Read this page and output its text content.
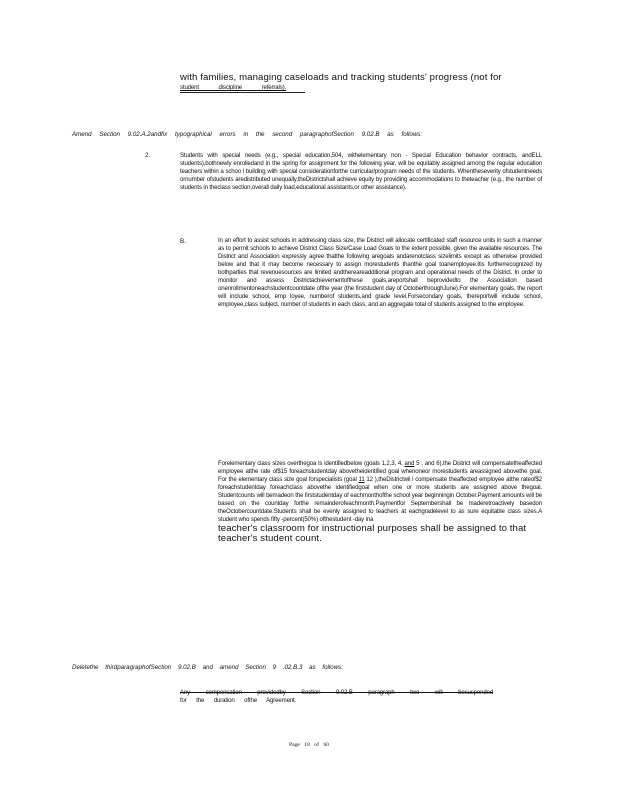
with families, managing caseloads and tracking students' progress (not for
student discipline referrals).
Amend Section 9.02.A.2andfix typographical errors in the second paragraphofSection 9.02.B as follows:
2.	Students with special needs (e.g., special education,504, withelementary non - Special Education behavior contracts, andELL students),bothnewly enrolledand in the spring for assignment for the following year, will be equitably assigned among the regular education teachers within a schoo l building with special considerationforthe curricular/program needs of the students. Whentheseverity ofstudentneeds ornumber ofstudents aredistributed unequally,theDistrictshall achieve equity by providing accommodations to theteacher (e.g., the number of students in theclass section,overall daily load,educational assistants,or other assistance).
B.	In an effort to assist schools in addressing class size, the District will allocate certificated staff resource units in such a manner as to permit schools to achieve District Class Size/Case Load Goals to the extent possible, given the available resources. The District and Association expressly agree thatthe following aregoals andarenotclass sizelimits except as otherwise provided below and that it may become necessary to assign morestudents thanthe goal toanemployee.Itis furtherrecognized by bothparties that revenuesources are limited andthereareadditional program and operational needs of the District. In order to monitor and assess Districtachievementofthese goals,areportshall beprovidedto the Association based onenrollmentoneachstudentcountdate ofthe year (the firststudent day of OctoberthroughJune).For elementary goals, the report will include school, emp loyee, numberof students,and grade level.Forsecondary goals, thereportwill include school, employee,class subject, number of students in each class, and an aggregate total of students assigned to the employee.
Forelementary class sizes overthegoa ls identifiedbelow (goals 1,2,3, 4, and 5 , and 6),the District will compensatetheaffected employee atthe rate of$15 foreachstudentday abovetheidentified goal whenoneor morestudents areassigned abovethe goal. For the elementary class size goal forspecialists (goal 11 12 ),theDistrictwil l compensate theaffected employee atthe rateof$2 foreachstudentday foreachclass abovethe identifiedgoal when one or more students are assigned above thegoal. Studentcounts will bemadeon the firststudentday of eachmonthofthe school year beginningin October.Payment amounts will be based on the countday forthe remainderofeachmonth.Paymentfor Septembershall be maderetroactively basedon theOctobercountdate.Students shall be evenly assigned to teachers at eachgradelevel to as sure equitable class sizes.A student who spends fifty -percent(50%) ofthestudent -day ina
teacher's classroom for instructional purposes shall be assigned to that teacher's student count.
Deletethe thirdparagraphofSection 9.02.B and amend Section 9 .02.B.3 as follows:
Any compensation providedby Section 9.02.B paragraph two will besuspended
for the duration ofthe Agreement.
Page 18 of 60
